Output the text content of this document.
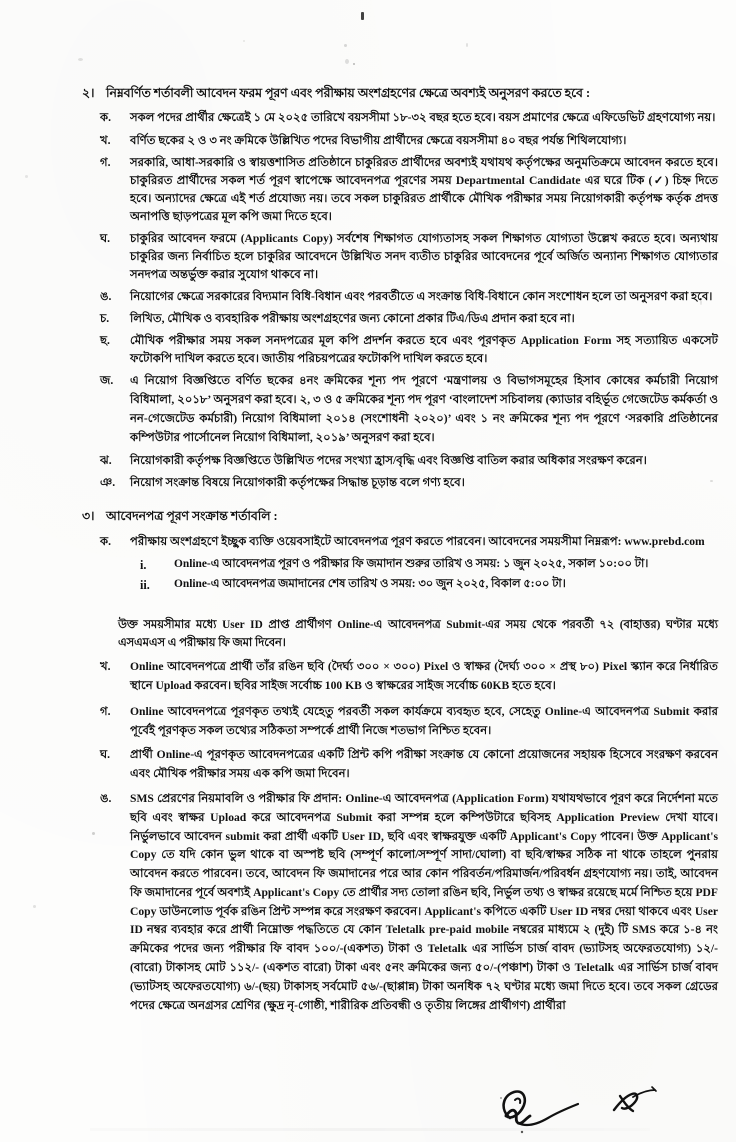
২। নিম্নবর্ণিত শর্তাবলী আবেদন ফরম পূরণ এবং পরীক্ষায় অংশগ্রহণের ক্ষেত্রে অবশ্যই অনুসরণ করতে হবে :
ক.	সকল পদের প্রার্থীর ক্ষেত্রেই ১ মে ২০২৫ তারিখে বয়সসীমা ১৮-৩২ বছর হতে হবে। বয়স প্রমাণের ক্ষেত্রে এফিডেভিট গ্রহণযোগ্য নয়।
খ.	বর্ণিত ছকের ২ ও ৩ নং ক্রমিকে উল্লিখিত পদের বিভাগীয় প্রার্থীদের ক্ষেত্রে বয়সসীমা ৪০ বছর পর্যন্ত শিথিলযোগ্য।
গ.	সরকারি, আধা-সরকারি ও স্বায়ত্তশাসিত প্রতিষ্ঠানে চাকুরিরত প্রার্থীদের অবশ্যই যথাযথ কর্তৃপক্ষের অনুমতিক্রমে আবেদন করতে হবে। চাকুরিরত প্রার্থীদের সকল শর্ত পূরণ স্বাপেক্ষে আবেদনপত্র পূরণের সময় Departmental Candidate এর ঘরে টিক (✓) চিহ্ন দিতে হবে। অন্যাদের ক্ষেত্রে এই শর্ত প্রযোজ্য নয়। তবে সকল চাকুরিরত প্রার্থীকে মৌখিক পরীক্ষার সময় নিয়োগকারী কর্তৃপক্ষ কর্তৃক প্রদত্ত অনাপত্তি ছাড়পত্রের মূল কপি জমা দিতে হবে।
ঘ.	চাকুরির আবেদন ফরমে (Applicants Copy) সর্বশেষ শিক্ষাগত যোগ্যতাসহ সকল শিক্ষাগত যোগ্যতা উল্লেখ করতে হবে। অন্যথায় চাকুরির জন্য নির্বাচিত হলে চাকুরির আবেদনে উল্লিখিত সনদ ব্যতীত চাকুরির আবেদনের পূর্বে অর্জিত অন্যান্য শিক্ষাগত যোগ্যতার সনদপত্র অন্তর্ভুক্ত করার সুযোগ থাকবে না।
ঙ.	নিয়োগের ক্ষেত্রে সরকারের বিদ্যমান বিধি-বিধান এবং পরবর্তীতে এ সংক্রান্ত বিধি-বিধানে কোন সংশোধন হলে তা অনুসরণ করা হবে।
চ.	লিখিত, মৌখিক ও ব্যবহারিক পরীক্ষায় অংশগ্রহণের জন্য কোনো প্রকার টিএ/ডিএ প্রদান করা হবে না।
ছ.	মৌখিক পরীক্ষার সময় সকল সনদপত্রের মূল কপি প্রদর্শন করতে হবে এবং পূরণকৃত Application Form সহ সত্যায়িত একসেট ফটোকপি দাখিল করতে হবে। জাতীয় পরিচয়পত্রের ফটোকপি দাখিল করতে হবে।
জ.	এ নিয়োগ বিজ্ঞপ্তিতে বর্ণিত ছকের ৪নং ক্রমিকের শূন্য পদ পূরণে ‘মন্ত্রণালয় ও বিভাগসমূহের হিসাব কোষের কর্মচারী নিয়োগ বিধিমালা, ২০১৮’ অনুসরণ করা হবে। ২, ৩ ও ৫ ক্রমিকের শূন্য পদ পূরণ ‘বাংলাদেশ সচিবালয় (ক্যাডার বহির্ভূত গেজেটেড কর্মকর্তা ও নন-গেজেটেড কর্মচারী) নিয়োগ বিধিমালা ২০১৪ (সংশোধনী ২০২০)’ এবং ১ নং ক্রমিকের শূন্য পদ পূরণে ‘সরকারি প্রতিষ্ঠানের কম্পিউটার পার্সোনেল নিয়োগ বিধিমালা, ২০১৯’ অনুসরণ করা হবে।
ঝ.	নিয়োগকারী কর্তৃপক্ষ বিজ্ঞপ্তিতে উল্লিখিত পদের সংখ্যা হ্রাস/বৃদ্ধি এবং বিজ্ঞপ্তি বাতিল করার অধিকার সংরক্ষণ করেন।
ঞ.	নিয়োগ সংক্রান্ত বিষয়ে নিয়োগকারী কর্তৃপক্ষের সিদ্ধান্ত চূড়ান্ত বলে গণ্য হবে।
৩। আবেদনপত্র পূরণ সংক্রান্ত শর্তাবলি :
ক.	পরীক্ষায় অংশগ্রহণে ইচ্ছুক ব্যক্তি ওয়েবসাইটে আবেদনপত্র পূরণ করতে পারবেন। আবেদনের সময়সীমা নিম্নরূপ: www.prebd.com
i.	Online-এ আবেদনপত্র পূরণ ও পরীক্ষার ফি জমাদান শুরুর তারিখ ও সময়: ১ জুন ২০২৫, সকাল ১০:০০ টা।
ii.	Online-এ আবেদনপত্র জমাদানের শেষ তারিখ ও সময়: ৩০ জুন ২০২৫, বিকাল ৫:০০ টা।
উক্ত সময়সীমার মধ্যে User ID প্রাপ্ত প্রার্থীগণ Online-এ আবেদনপত্র Submit-এর সময় থেকে পরবর্তী ৭২ (বাহাত্তর) ঘণ্টার মধ্যে এসএমএস এ পরীক্ষায় ফি জমা দিবেন।
খ.	Online আবেদনপত্রে প্রার্থী তাঁর রঙিন ছবি (দৈর্ঘ্য ৩০০ × ৩০০) Pixel ও স্বাক্ষর (দৈর্ঘ্য ৩০০ × প্রস্থ ৮০) Pixel স্ক্যান করে নির্ধারিত স্থানে Upload করবেন। ছবির সাইজ সর্বোচ্চ 100 KB ও স্বাক্ষরের সাইজ সর্বোচ্চ 60KB হতে হবে।
গ.	Online আবেদনপত্রে পূরণকৃত তথ্যই যেহেতু পরবর্তী সকল কার্যক্রমে ব্যবহৃত হবে, সেহেতু Online-এ আবেদনপত্র Submit করার পূর্বেই পূরণকৃত সকল তথ্যের সঠিকতা সম্পর্কে প্রার্থী নিজে শতভাগ নিশ্চিত হবেন।
ঘ.	প্রার্থী Online-এ পূরণকৃত আবেদনপত্রের একটি প্রিন্ট কপি পরীক্ষা সংক্রান্ত যে কোনো প্রয়োজনের সহায়ক হিসেবে সংরক্ষণ করবেন এবং মৌখিক পরীক্ষার সময় এক কপি জমা দিবেন।
ঙ.	SMS প্রেরণের নিয়মাবলি ও পরীক্ষার ফি প্রদান: Online-এ আবেদনপত্র (Application Form) যথাযথভাবে পূরণ করে নির্দেশনা মতে ছবি এবং স্বাক্ষর Upload করে আবেদনপত্র Submit করা সম্পন্ন হলে কম্পিউটারে ছবিসহ Application Preview দেখা যাবে। নির্ভুলভাবে আবেদন submit করা প্রার্থী একটি User ID, ছবি এবং স্বাক্ষরযুক্ত একটি Applicant's Copy পাবেন। উক্ত Applicant's Copy তে যদি কোন ভুল থাকে বা অস্পষ্ট ছবি (সম্পূর্ণ কালো/সম্পূর্ণ সাদা/ঘোলা) বা ছবি/স্বাক্ষর সঠিক না থাকে তাহলে পুনরায় আবেদন করতে পারবেন। তবে, আবেদন ফি জমাদানের পরে আর কোন পরিবর্তন/পরিমার্জন/পরিবর্ধন গ্রহণযোগ্য নয়। তাই, আবেদন ফি জমাদানের পূর্বে অবশ্যই Applicant's Copy তে প্রার্থীর সদ্য তোলা রঙিন ছবি, নির্ভুল তথ্য ও স্বাক্ষর রয়েছে মর্মে নিশ্চিত হয়ে PDF Copy ডাউনলোড পূর্বক রঙিন প্রিন্ট সম্পন্ন করে সংরক্ষণ করবেন। Applicant's কপিতে একটি User ID নম্বর দেয়া থাকবে এবং User ID নম্বর ব্যবহার করে প্রার্থী নিম্নোক্ত পদ্ধতিতে যে কোন Teletalk pre-paid mobile নম্বরের মাধ্যমে ২ (দুই) টি SMS করে ১-৪ নং ক্রমিকের পদের জন্য পরীক্ষার ফি বাবদ ১০০/-(একশত) টাকা ও Teletalk এর সার্ভিস চার্জ বাবদ (ভ্যাটসহ অফেরতযোগ্য) ১২/- (বারো) টাকাসহ মোট ১১২/- (একশত বারো) টাকা এবং ৫নং ক্রমিকের জন্য ৫০/-(পঞ্চাশ) টাকা ও Teletalk এর সার্ভিস চার্জ বাবদ (ভ্যাটসহ অফেরতযোগ্য) ৬/-(ছয়) টাকাসহ সর্বমোট ৫৬/-(ছাপ্পান্ন) টাকা অনধিক ৭২ ঘণ্টার মধ্যে জমা দিতে হবে। তবে সকল গ্রেডের পদের ক্ষেত্রে অনগ্রসর শ্রেণির (ক্ষুদ্র নৃ-গোষ্ঠী, শারীরিক প্রতিবন্ধী ও তৃতীয় লিঙ্গের প্রার্থীগণ) প্রার্থীরা
